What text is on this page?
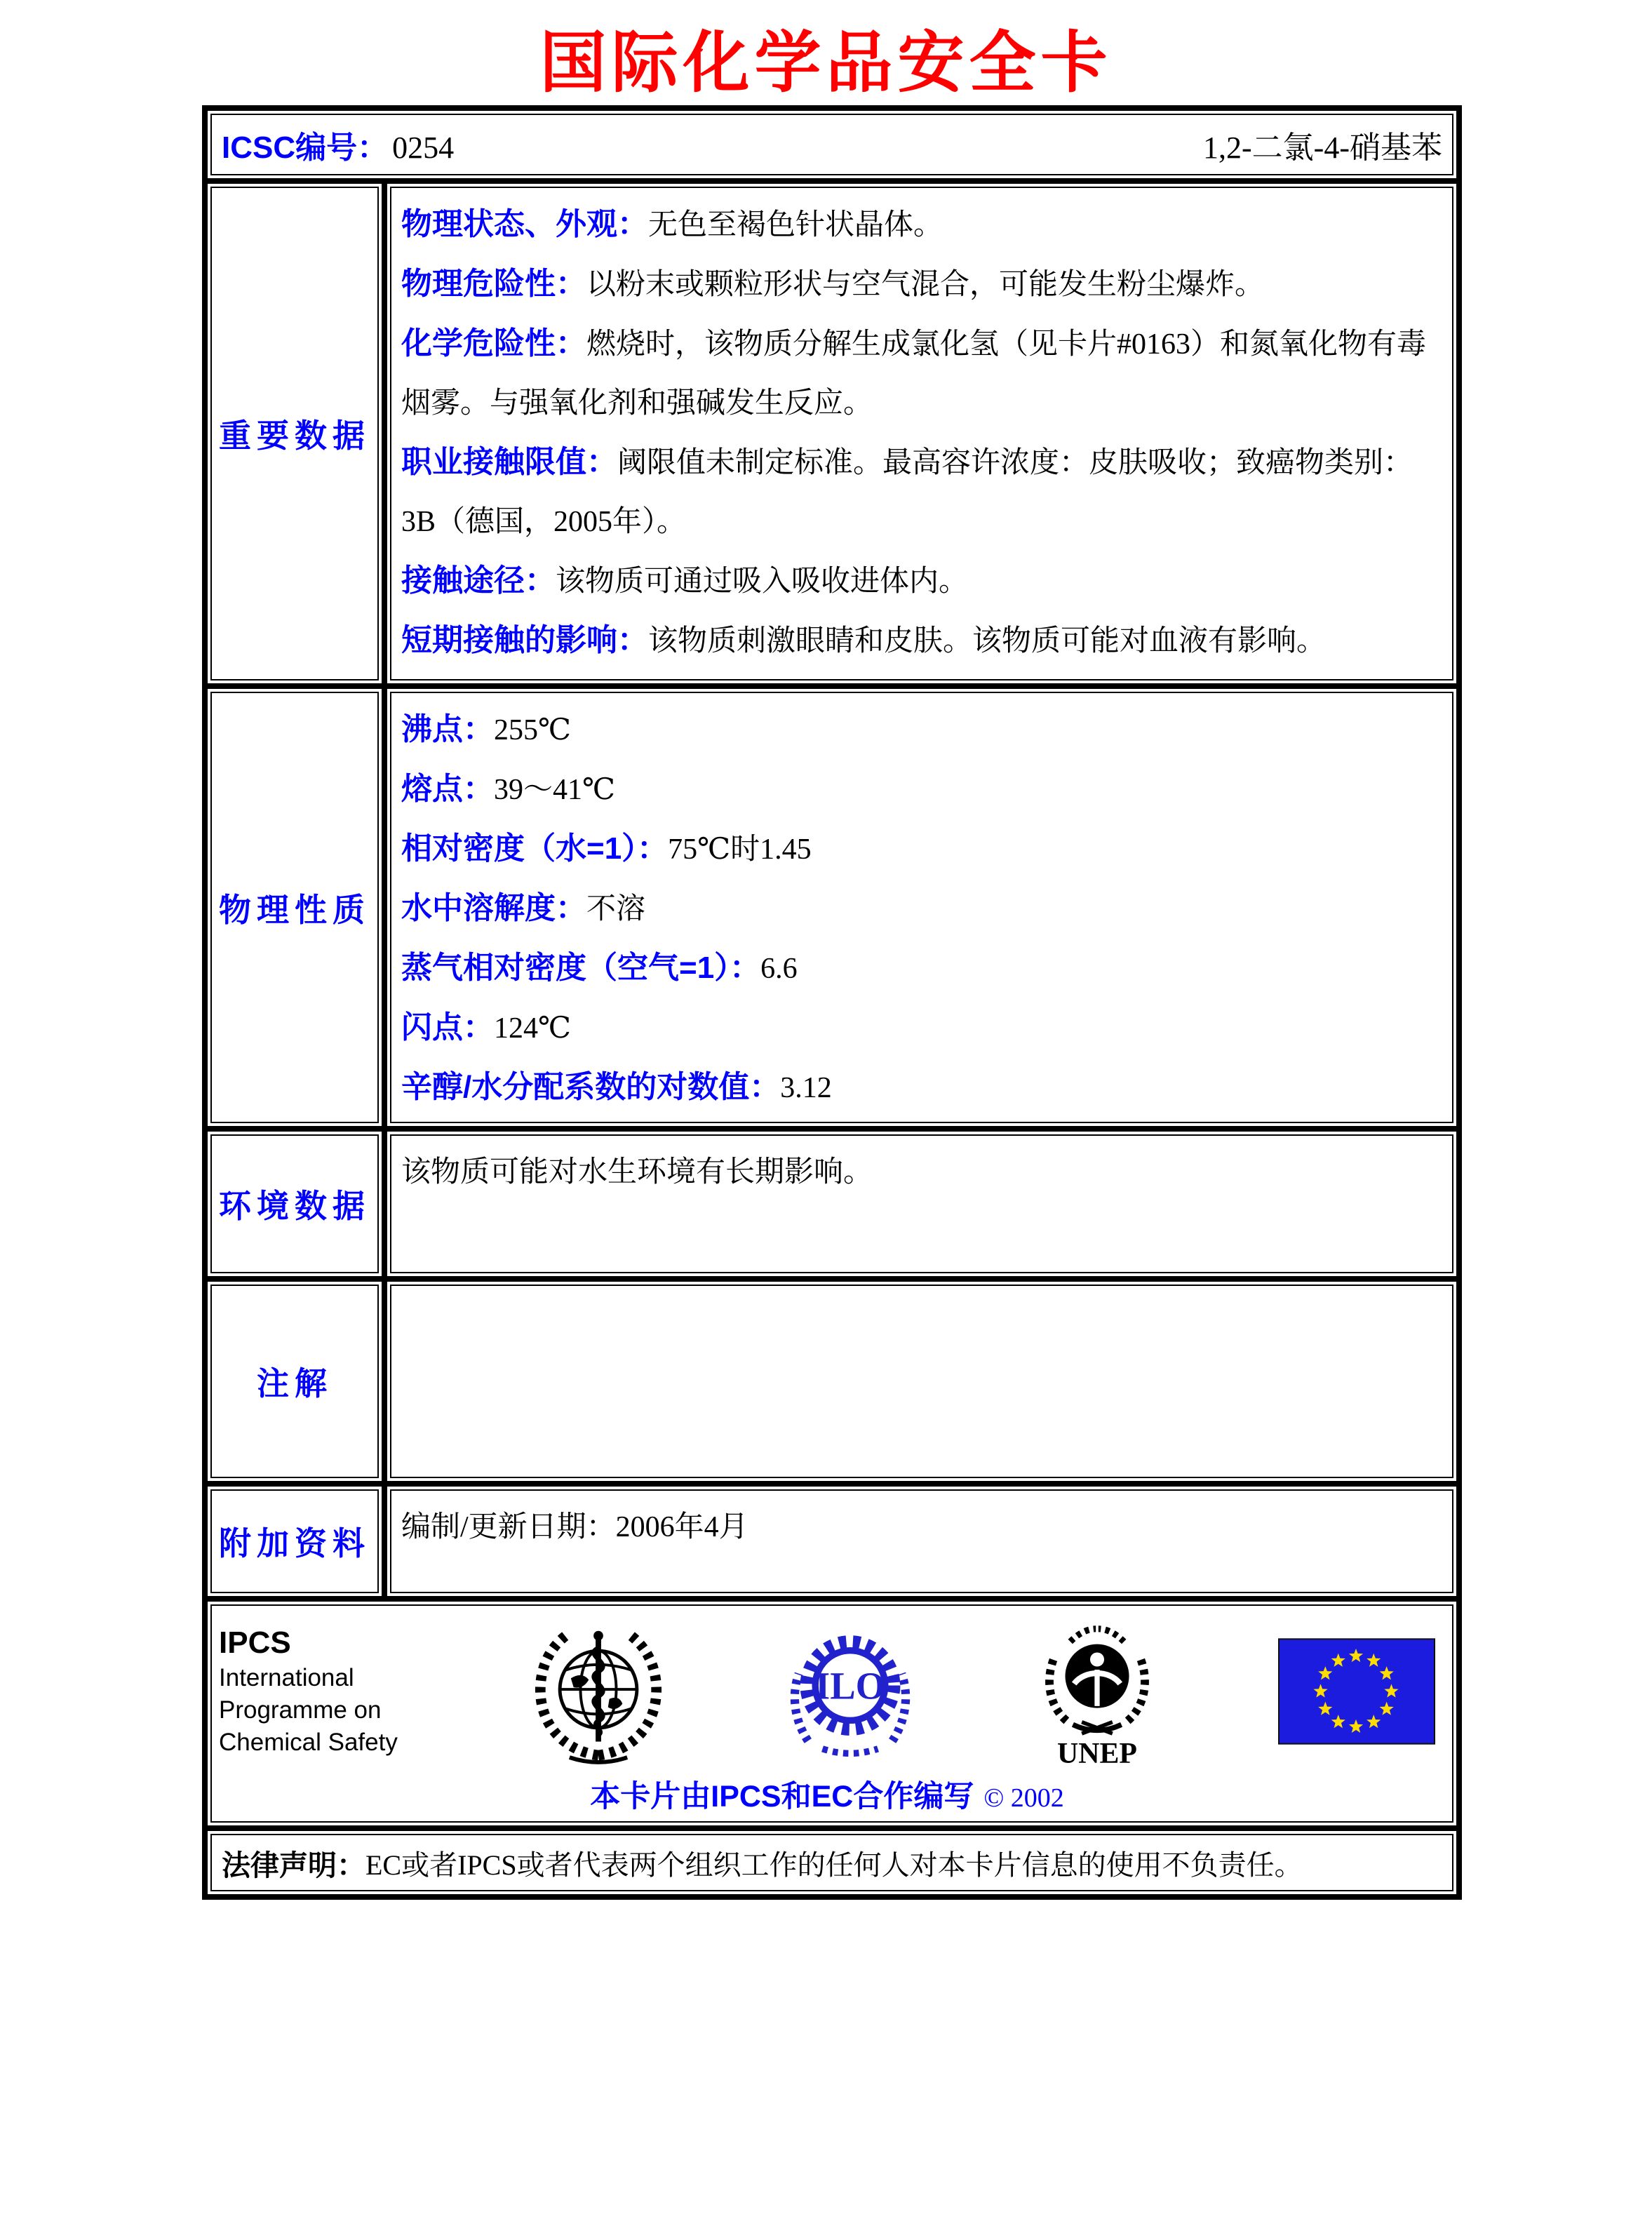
国际化学品安全卡
ICSC编号： 0254	1,2-二氯-4-硝基苯
重要数据
物理状态、外观：无色至褐色针状晶体。
物理危险性：以粉末或颗粒形状与空气混合，可能发生粉尘爆炸。
化学危险性：燃烧时，该物质分解生成氯化氢（见卡片#0163）和氮氧化物有毒烟雾。与强氧化剂和强碱发生反应。
职业接触限值：阈限值未制定标准。最高容许浓度：皮肤吸收；致癌物类别：3B（德国，2005年）。
接触途径：该物质可通过吸入吸收进体内。
短期接触的影响：该物质刺激眼睛和皮肤。该物质可能对血液有影响。
物理性质
沸点：255℃
熔点：39～41℃
相对密度（水=1）：75℃时1.45
水中溶解度：不溶
蒸气相对密度（空气=1）：6.6
闪点：124℃
辛醇/水分配系数的对数值：3.12
环境数据
该物质可能对水生环境有长期影响。
注解
附加资料 编制/更新日期：2006年4月
IPCS
International
Programme on
Chemical Safety
ILO
UNEP
本卡片由IPCS和EC合作编写 © 2002
法律声明： EC或者IPCS或者代表两个组织工作的任何人对本卡片信息的使用不负责任。
